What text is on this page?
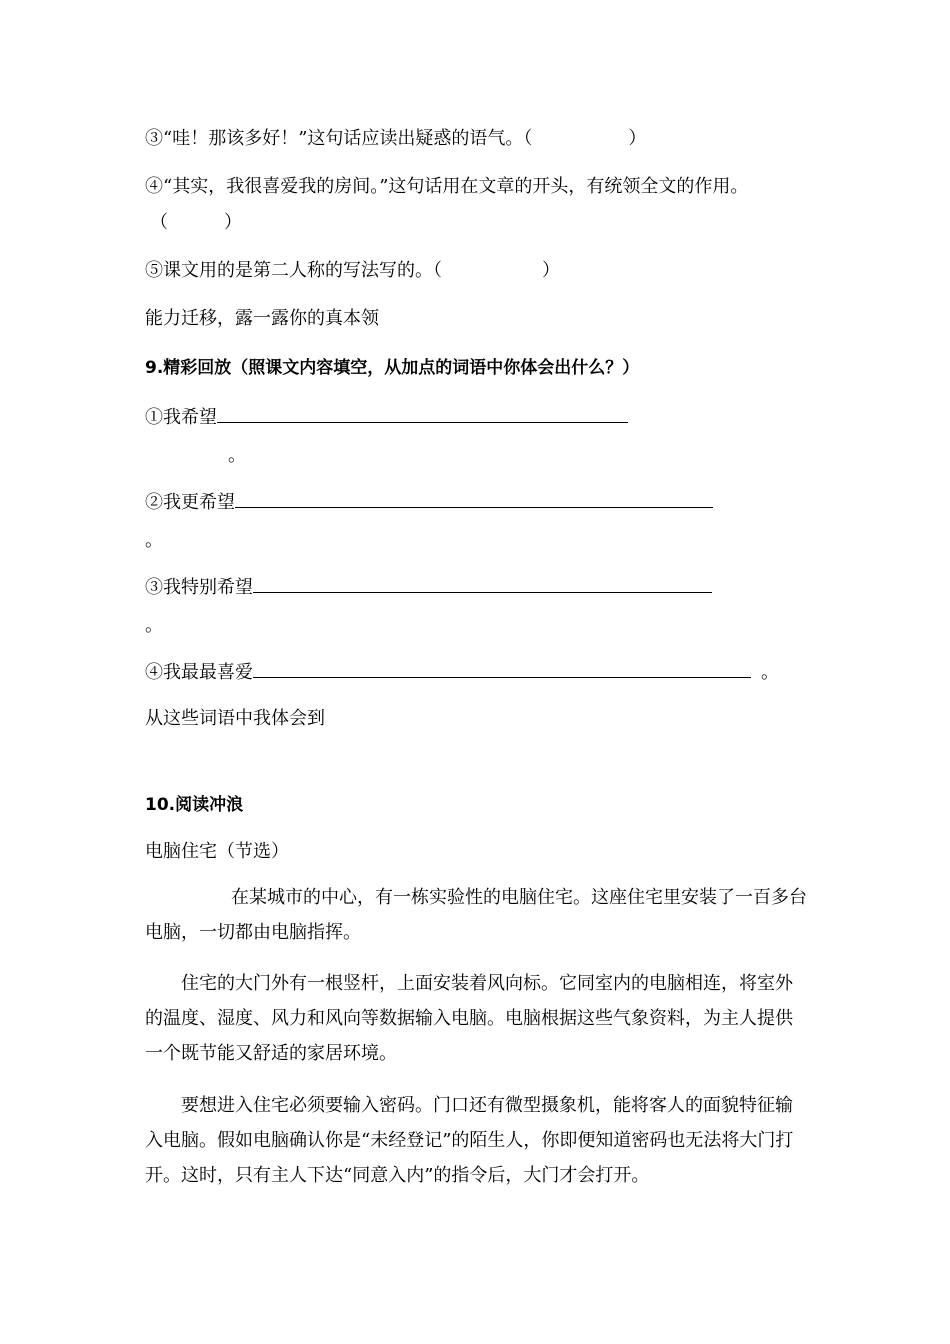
③“哇！那该多好！”这句话应读出疑惑的语气。（	）
④“其实，我很喜爱我的房间。”这句话用在文章的开头，有统领全文的作用。
（	）
⑤课文用的是第二人称的写法写的。（	）
能力迁移，露一露你的真本领
9.精彩回放（照课文内容填空，从加点的词语中你体会出什么？）
①我希望
。
②我更希望
。
③我特别希望
。
④我最最喜爱	。
从这些词语中我体会到
10.阅读冲浪
电脑住宅（节选）
在某城市的中心，有一栋实验性的电脑住宅。这座住宅里安装了一百多台电脑，一切都由电脑指挥。
住宅的大门外有一根竖杆，上面安装着风向标。它同室内的电脑相连，将室外的温度、湿度、风力和风向等数据输入电脑。电脑根据这些气象资料，为主人提供一个既节能又舒适的家居环境。
要想进入住宅必须要输入密码。门口还有微型摄象机，能将客人的面貌特征输入电脑。假如电脑确认你是“未经登记”的陌生人，你即便知道密码也无法将大门打开。这时，只有主人下达“同意入内”的指令后，大门才会打开。
